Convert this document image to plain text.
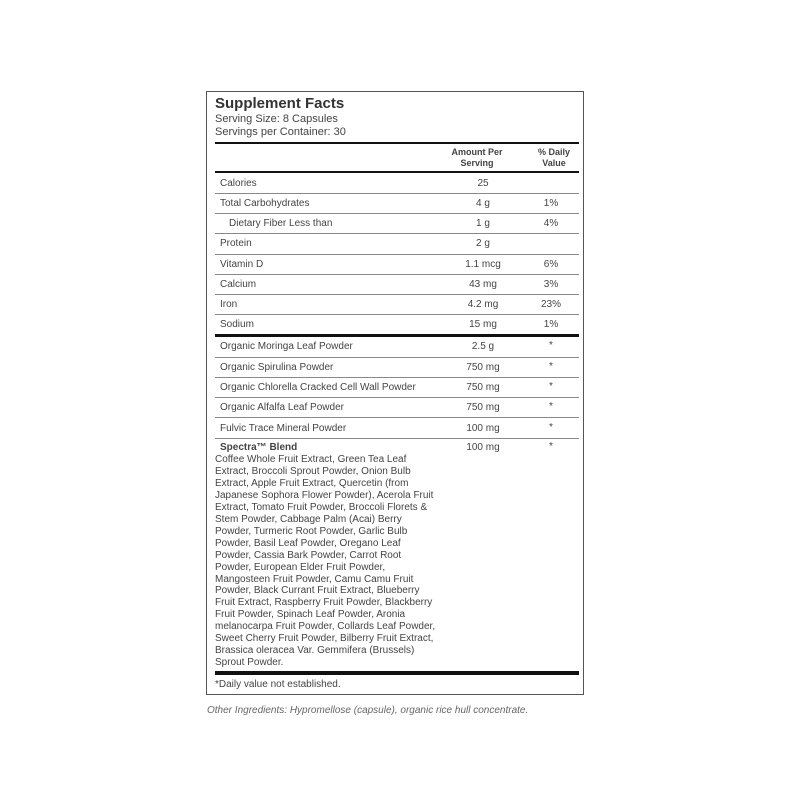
Supplement Facts
Serving Size: 8 Capsules
Servings per Container: 30
Amount Per Serving
% Daily Value
Calories	25
Total Carbohydrates	4 g	1%
Dietary Fiber Less than	1 g	4%
Protein	2 g
Vitamin D	1.1 mcg	6%
Calcium	43 mg	3%
Iron	4.2 mg	23%
Sodium	15 mg	1%
Organic Moringa Leaf Powder	2.5 g	*
Organic Spirulina Powder	750 mg	*
Organic Chlorella Cracked Cell Wall Powder	750 mg	*
Organic Alfalfa Leaf Powder	750 mg	*
Fulvic Trace Mineral Powder	100 mg	*
Spectra™ Blend	100 mg	*
Coffee Whole Fruit Extract, Green Tea Leaf Extract, Broccoli Sprout Powder, Onion Bulb Extract, Apple Fruit Extract, Quercetin (from Japanese Sophora Flower Powder), Acerola Fruit Extract, Tomato Fruit Powder, Broccoli Florets & Stem Powder, Cabbage Palm (Acai) Berry Powder, Turmeric Root Powder, Garlic Bulb Powder, Basil Leaf Powder, Oregano Leaf Powder, Cassia Bark Powder, Carrot Root Powder, European Elder Fruit Powder, Mangosteen Fruit Powder, Camu Camu Fruit Powder, Black Currant Fruit Extract, Blueberry Fruit Extract, Raspberry Fruit Powder, Blackberry Fruit Powder, Spinach Leaf Powder, Aronia melanocarpa Fruit Powder, Collards Leaf Powder, Sweet Cherry Fruit Powder, Bilberry Fruit Extract, Brassica oleracea Var. Gemmifera (Brussels) Sprout Powder.
*Daily value not established.
Other Ingredients: Hypromellose (capsule), organic rice hull concentrate.
